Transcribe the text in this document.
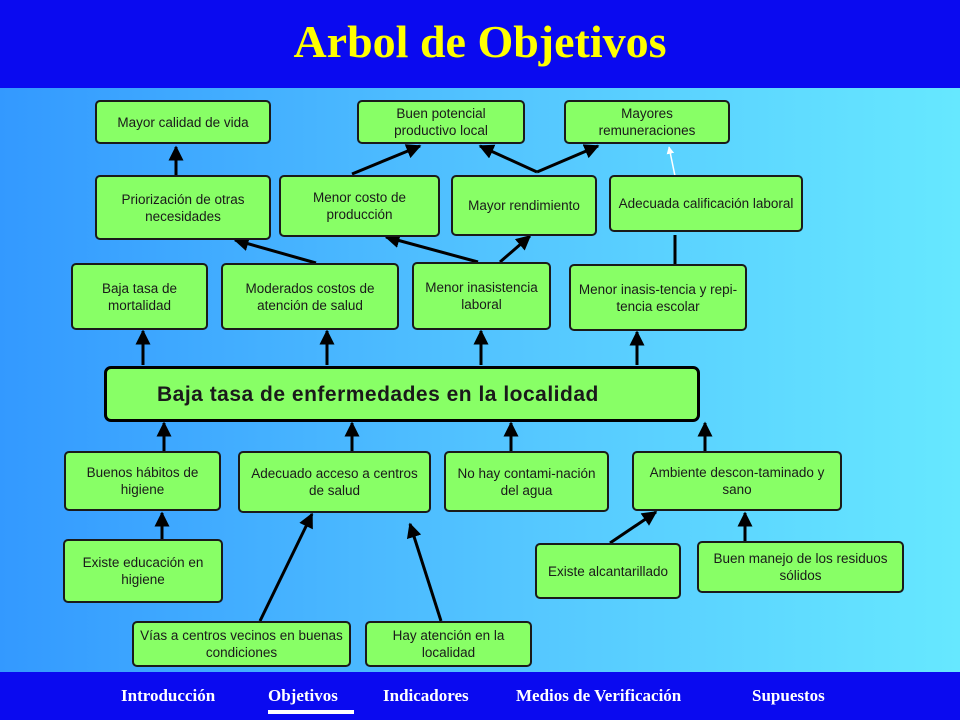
Arbol de Objetivos
Mayor calidad de vida
Buen potencial productivo local
Mayores remuneraciones
Priorización de otras necesidades
Menor costo de producción
Mayor rendimiento	Adecuada calificación laboral
Baja tasa de mortalidad
Moderados costos de atención de salud
Menor inasistencia laboral
Menor inasis-tencia y repi-tencia escolar
Baja tasa de enfermedades en la localidad
Buenos hábitos de higiene
Adecuado acceso a centros de salud
No hay contami-nación del agua
Ambiente descon-taminado y sano
Existe educación en higiene
Existe alcantarillado
Buen manejo de los residuos sólidos
Vías a centros vecinos en buenas condiciones
Hay atención en la localidad
Introducción	Objetivos	Indicadores	Medios de Verificación	Supuestos
